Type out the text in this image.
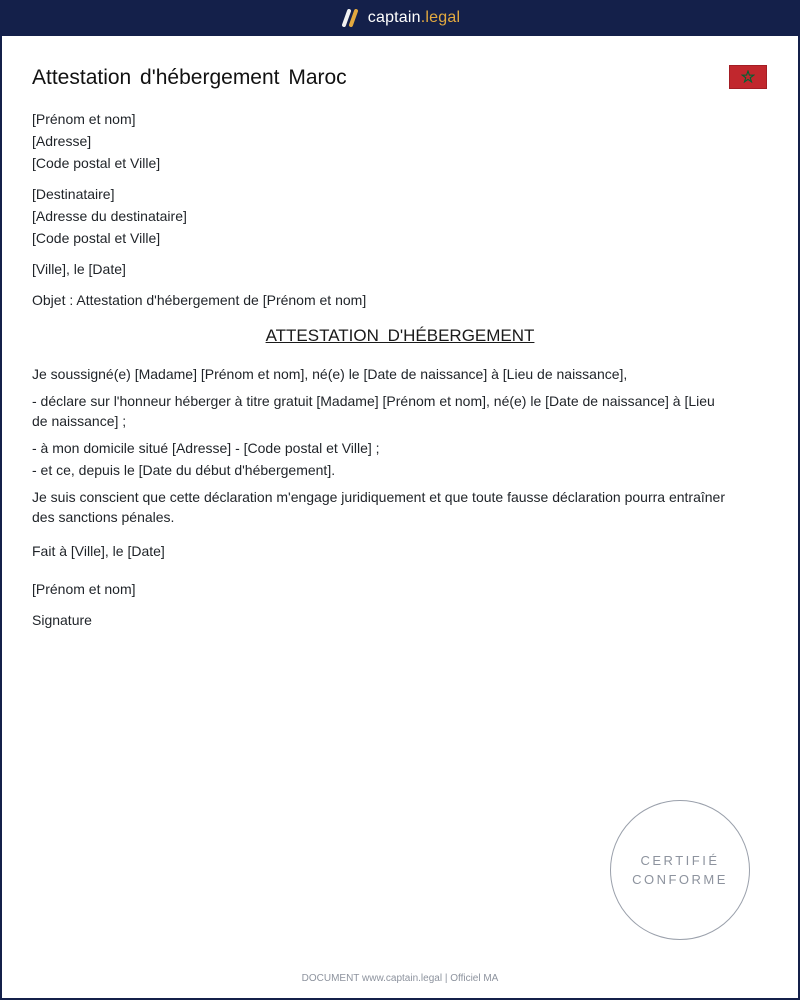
captain.legal
Attestation d'hébergement Maroc
[Prénom et nom]
[Adresse]
[Code postal et Ville]
[Destinataire]
[Adresse du destinataire]
[Code postal et Ville]
[Ville], le [Date]
Objet : Attestation d'hébergement de [Prénom et nom]
ATTESTATION D'HÉBERGEMENT

Je soussigné(e) [Madame] [Prénom et nom], né(e) le [Date de naissance] à [Lieu de naissance],

- déclare sur l'honneur héberger à titre gratuit [Madame] [Prénom et nom], né(e) le [Date de naissance] à [Lieu de naissance] ;

- à mon domicile situé [Adresse] - [Code postal et Ville] ;

- et ce, depuis le [Date du début d'hébergement].

Je suis conscient que cette déclaration m'engage juridiquement et que toute fausse déclaration pourra entraîner des sanctions pénales.

Fait à [Ville], le [Date]
[Prénom et nom]
Signature
CERTIFIÉ
CONFORME
DOCUMENT www.captain.legal | Officiel MA
